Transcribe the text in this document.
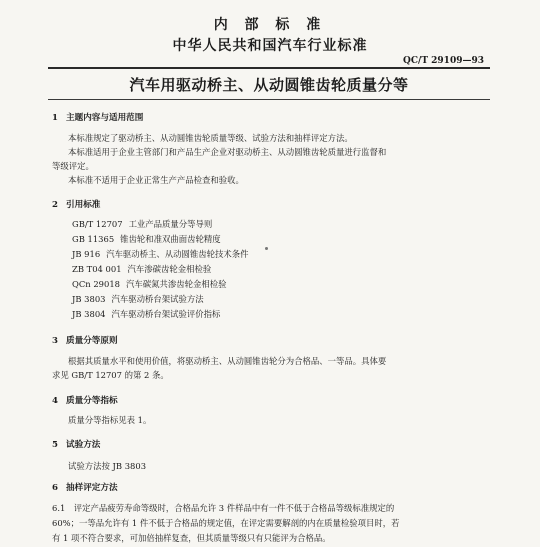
内 部 标 准
中华人民共和国汽车行业标准
QC/T 29109—93
汽车用驱动桥主、从动圆锥齿轮质量分等
1 主题内容与适用范围
本标准规定了驱动桥主、从动圆锥齿轮质量等级、试验方法和抽样评定方法。
本标准适用于企业主管部门和产品生产企业对驱动桥主、从动圆锥齿轮质量进行监督和
等级评定。
本标准不适用于企业正常生产产品检查和验收。
2 引用标准
GB/T 12707 工业产品质量分等导则
GB 11365 锥齿轮和准双曲面齿轮精度
JB 916 汽车驱动桥主、从动圆锥齿轮技术条件
ZB T04 001 汽车渗碳齿轮金相检验
QCn 29018 汽车碳氮共渗齿轮金相检验
JB 3803 汽车驱动桥台架试验方法
JB 3804 汽车驱动桥台架试验评价指标
3 质量分等原则
根据其质量水平和使用价值，将驱动桥主、从动圆锥齿轮分为合格品、一等品。具体要
求见 GB/T 12707 的第 2 条。
4 质量分等指标
质量分等指标见表 1。
5 试验方法
试验方法按 JB 3803
6 抽样评定方法
6.1　评定产品疲劳寿命等级时，合格品允许 3 件样品中有一件不低于合格品等级标准规定的
60%；一等品允许有 1 件不低于合格品的规定值，在评定需要解剖的内在质量检验项目时，若
有 1 项不符合要求，可加倍抽样复查，但其质量等级只有只能评为合格品。
